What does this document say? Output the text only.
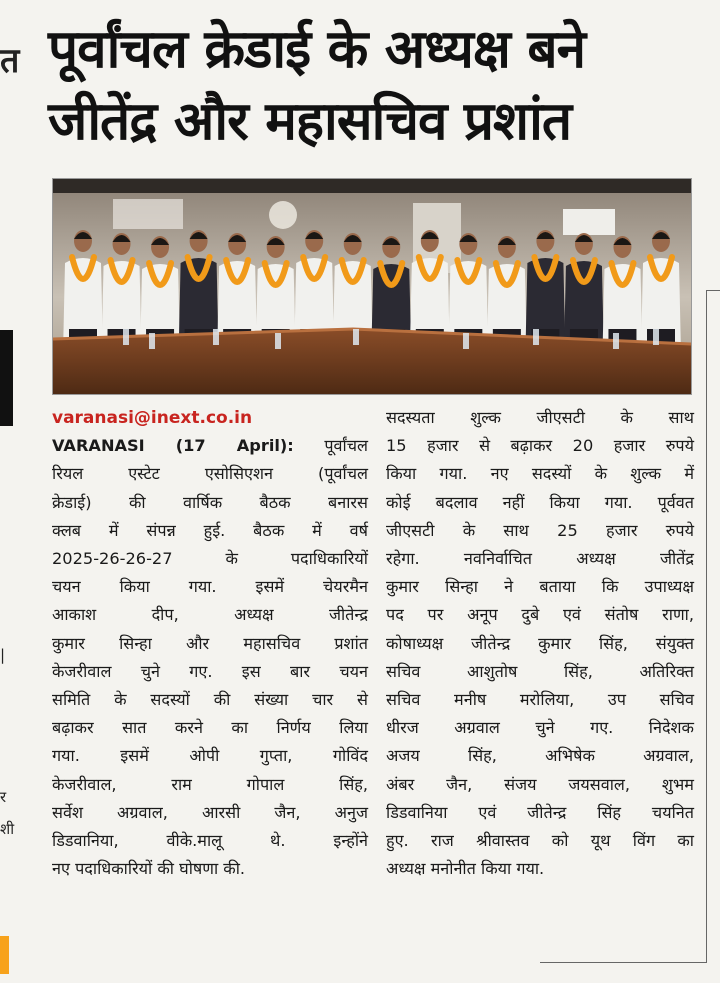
त
|
र
शी
पूर्वांचल क्रेडाई के अध्यक्ष बने
जीतेंद्र और महासचिव प्रशांत
varanasi@inext.co.in
VARANASI (17 April): पूर्वांचल
रियल एस्टेट एसोसिएशन (पूर्वांचल
क्रेडाई) की वार्षिक बैठक बनारस
क्लब में संपन्न हुई. बैठक में वर्ष
2025-26-26-27 के पदाधिकारियों
चयन किया गया. इसमें चेयरमैन
आकाश दीप, अध्यक्ष जीतेन्द्र
कुमार सिन्हा और महासचिव प्रशांत
केजरीवाल चुने गए. इस बार चयन
समिति के सदस्यों की संख्या चार से
बढ़ाकर सात करने का निर्णय लिया
गया. इसमें ओपी गुप्ता, गोविंद
केजरीवाल, राम गोपाल सिंह,
सर्वेश अग्रवाल, आरसी जैन, अनुज
डिडवानिया, वीके.मालू थे. इन्होंने
नए पदाधिकारियों की घोषणा की.
सदस्यता शुल्क जीएसटी के साथ
15 हजार से बढ़ाकर 20 हजार रुपये
किया गया. नए सदस्यों के शुल्क में
कोई बदलाव नहीं किया गया. पूर्ववत
जीएसटी के साथ 25 हजार रुपये
रहेगा. नवनिर्वाचित अध्यक्ष जीतेंद्र
कुमार सिन्हा ने बताया कि उपाध्यक्ष
पद पर अनूप दुबे एवं संतोष राणा,
कोषाध्यक्ष जीतेन्द्र कुमार सिंह, संयुक्त
सचिव आशुतोष सिंह, अतिरिक्त
सचिव मनीष मरोलिया, उप सचिव
धीरज अग्रवाल चुने गए. निदेशक
अजय सिंह, अभिषेक अग्रवाल,
अंबर जैन, संजय जयसवाल, शुभम
डिडवानिया एवं जीतेन्द्र सिंह चयनित
हुए. राज श्रीवास्तव को यूथ विंग का
अध्यक्ष मनोनीत किया गया.
